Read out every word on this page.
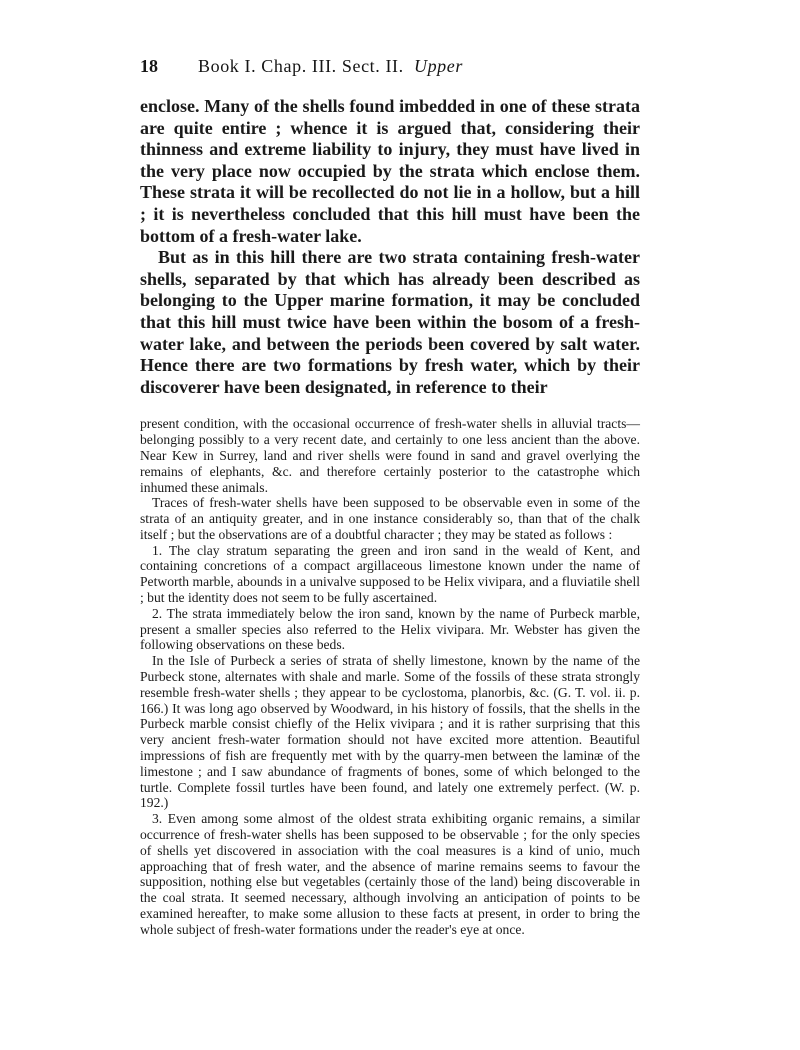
18	Book I. Chap. III. Sect. II. Upper

enclose. Many of the shells found imbedded in one of these strata are quite entire ; whence it is argued that, considering their thinness and extreme liability to injury, they must have lived in the very place now occupied by the strata which enclose them. These strata it will be recollected do not lie in a hollow, but a hill ; it is nevertheless concluded that this hill must have been the bottom of a fresh-water lake.

But as in this hill there are two strata containing fresh-water shells, separated by that which has already been described as belonging to the Upper marine formation, it may be concluded that this hill must twice have been within the bosom of a fresh-water lake, and between the periods been covered by salt water. Hence there are two formations by fresh water, which by their discoverer have been designated, in reference to their

present condition, with the occasional occurrence of fresh-water shells in alluvial tracts—belonging possibly to a very recent date, and certainly to one less ancient than the above. Near Kew in Surrey, land and river shells were found in sand and gravel overlying the remains of elephants, &c. and therefore certainly posterior to the catastrophe which inhumed these animals.

Traces of fresh-water shells have been supposed to be observable even in some of the strata of an antiquity greater, and in one instance considerably so, than that of the chalk itself ; but the observations are of a doubtful character ; they may be stated as follows :

1. The clay stratum separating the green and iron sand in the weald of Kent, and containing concretions of a compact argillaceous limestone known under the name of Petworth marble, abounds in a univalve supposed to be Helix vivipara, and a fluviatile shell ; but the identity does not seem to be fully ascertained.

2. The strata immediately below the iron sand, known by the name of Purbeck marble, present a smaller species also referred to the Helix vivipara. Mr. Webster has given the following observations on these beds.

In the Isle of Purbeck a series of strata of shelly limestone, known by the name of the Purbeck stone, alternates with shale and marle. Some of the fossils of these strata strongly resemble fresh-water shells ; they appear to be cyclostoma, planorbis, &c. (G. T. vol. ii. p. 166.) It was long ago observed by Woodward, in his history of fossils, that the shells in the Purbeck marble consist chiefly of the Helix vivipara ; and it is rather surprising that this very ancient fresh-water formation should not have excited more attention. Beautiful impressions of fish are frequently met with by the quarry-men between the laminæ of the limestone ; and I saw abundance of fragments of bones, some of which belonged to the turtle. Complete fossil turtles have been found, and lately one extremely perfect. (W. p. 192.)

3. Even among some almost of the oldest strata exhibiting organic remains, a similar occurrence of fresh-water shells has been supposed to be observable ; for the only species of shells yet discovered in association with the coal measures is a kind of unio, much approaching that of fresh water, and the absence of marine remains seems to favour the supposition, nothing else but vegetables (certainly those of the land) being discoverable in the coal strata. It seemed necessary, although involving an anticipation of points to be examined hereafter, to make some allusion to these facts at present, in order to bring the whole subject of fresh-water formations under the reader's eye at once.
